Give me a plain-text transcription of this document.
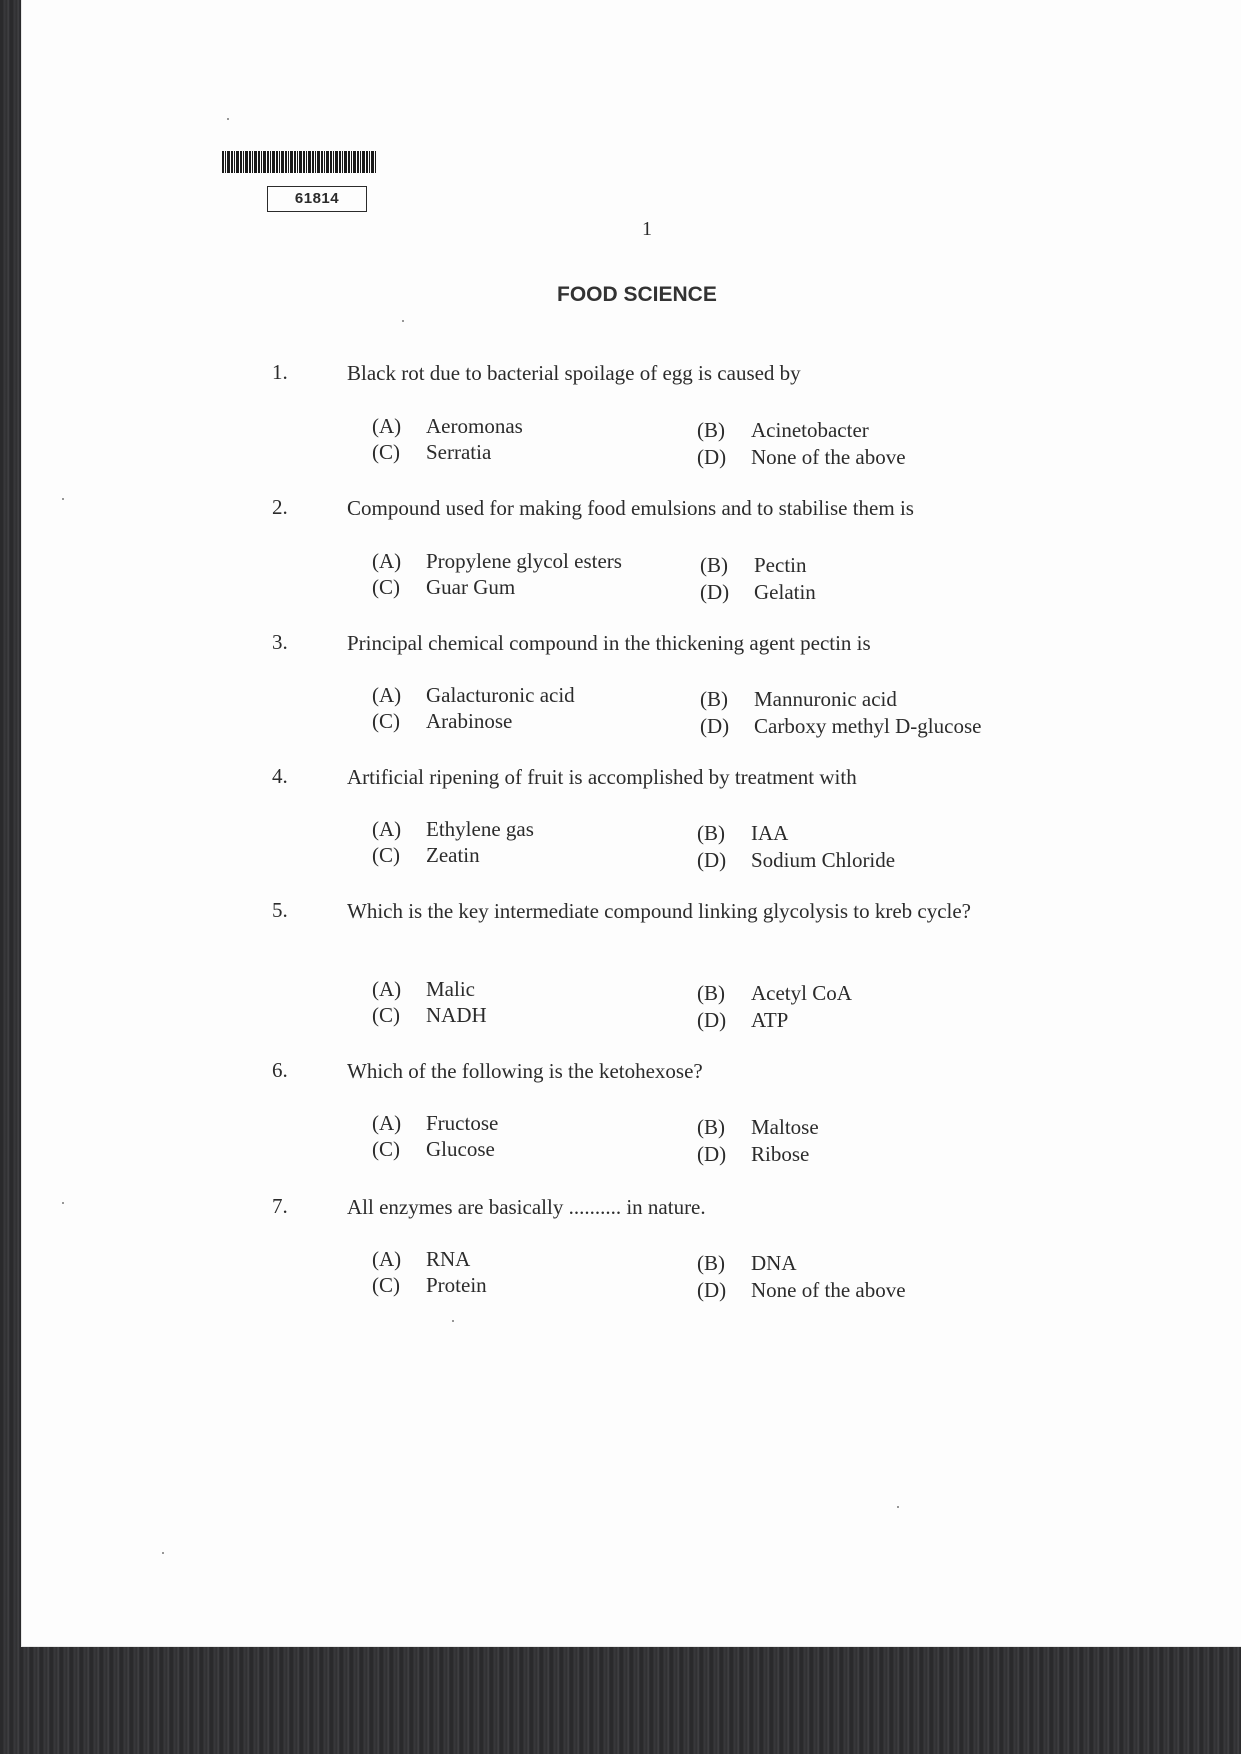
61814
1
FOOD SCIENCE
1.	Black rot due to bacterial spoilage of egg is caused by
(A) Aeromonas	(B) Acinetobacter
(C) Serratia	(D) None of the above
2.	Compound used for making food emulsions and to stabilise them is
(A) Propylene glycol esters	(B) Pectin
(C) Guar Gum	(D) Gelatin
3.	Principal chemical compound in the thickening agent pectin is
(A) Galacturonic acid	(B) Mannuronic acid
(C) Arabinose	(D) Carboxy methyl D-glucose
4.	Artificial ripening of fruit is accomplished by treatment with
(A) Ethylene gas	(B) IAA
(C) Zeatin	(D) Sodium Chloride
5.	Which is the key intermediate compound linking glycolysis to kreb cycle?
(A) Malic	(B) Acetyl CoA
(C) NADH	(D) ATP
6.	Which of the following is the ketohexose?
(A) Fructose	(B) Maltose
(C) Glucose	(D) Ribose
7.	All enzymes are basically .......... in nature.
(A) RNA	(B) DNA
(C) Protein	(D) None of the above
